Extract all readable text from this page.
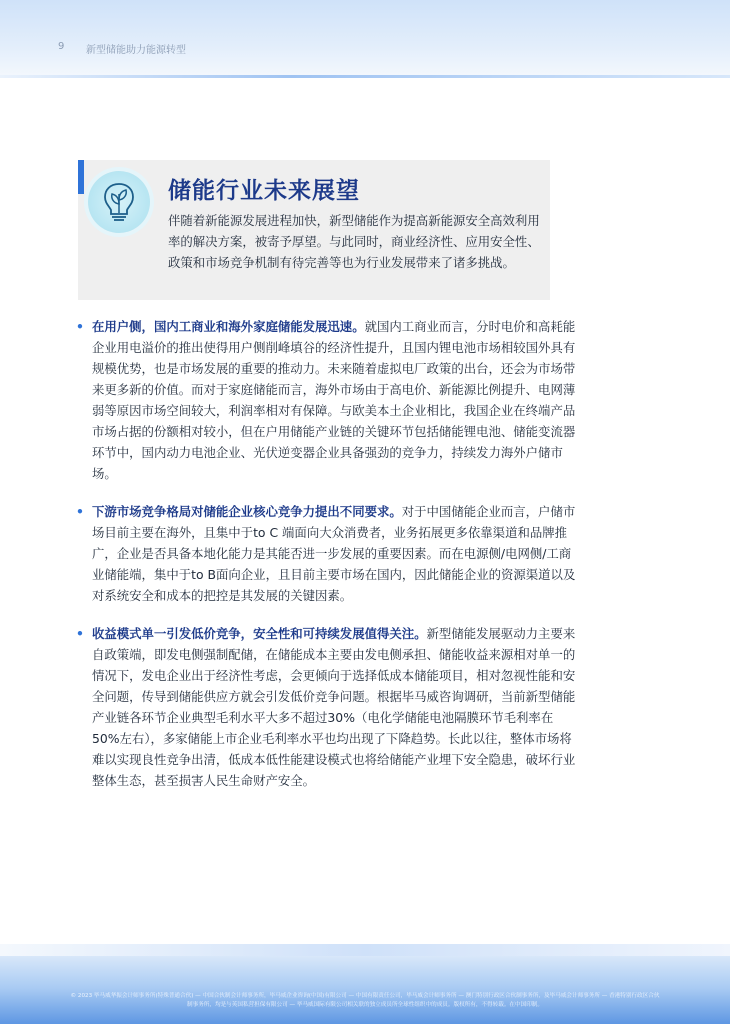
9 新型储能助力能源转型
储能行业未来展望
伴随着新能源发展进程加快，新型储能作为提高新能源安全高效利用率的解决方案，被寄予厚望。与此同时，商业经济性、应用安全性、政策和市场竞争机制有待完善等也为行业发展带来了诸多挑战。
• 在用户侧，国内工商业和海外家庭储能发展迅速。就国内工商业而言，分时电价和高耗能企业用电溢价的推出使得用户侧削峰填谷的经济性提升，且国内锂电池市场相较国外具有规模优势，也是市场发展的重要的推动力。未来随着虚拟电厂政策的出台，还会为市场带来更多新的价值。而对于家庭储能而言，海外市场由于高电价、新能源比例提升、电网薄弱等原因市场空间较大，利润率相对有保障。与欧美本土企业相比，我国企业在终端产品市场占据的份额相对较小，但在户用储能产业链的关键环节包括储能锂电池、储能变流器环节中，国内动力电池企业、光伏逆变器企业具备强劲的竞争力，持续发力海外户储市场。
• 下游市场竞争格局对储能企业核心竞争力提出不同要求。对于中国储能企业而言，户储市场目前主要在海外，且集中于to C 端面向大众消费者，业务拓展更多依靠渠道和品牌推广，企业是否具备本地化能力是其能否进一步发展的重要因素。而在电源侧/电网侧/工商业储能端，集中于to B面向企业，且目前主要市场在国内，因此储能企业的资源渠道以及对系统安全和成本的把控是其发展的关键因素。
• 收益模式单一引发低价竞争，安全性和可持续发展值得关注。新型储能发展驱动力主要来自政策端，即发电侧强制配储，在储能成本主要由发电侧承担、储能收益来源相对单一的情况下，发电企业出于经济性考虑，会更倾向于选择低成本储能项目，相对忽视性能和安全问题，传导到储能供应方就会引发低价竞争问题。根据毕马威咨询调研，当前新型储能产业链各环节企业典型毛利水平大多不超过30%（电化学储能电池隔膜环节毛利率在50%左右），多家储能上市企业毛利率水平也均出现了下降趋势。长此以往，整体市场将难以实现良性竞争出清，低成本低性能建设模式也将给储能产业埋下安全隐患，破坏行业整体生态，甚至损害人民生命财产安全。
© 2023 毕马威华振会计师事务所(特殊普通合伙) — 中国合伙制会计师事务所，毕马威企业咨询(中国)有限公司 — 中国有限责任公司，毕马威会计师事务所 — 澳门特别行政区合伙制事务所，及毕马威会计师事务所 — 香港特别行政区合伙制事务所，均是与英国私营担保有限公司 — 毕马威国际有限公司相关联的独立成员所全球性组织中的成员。版权所有，不得转载。在中国印制。
